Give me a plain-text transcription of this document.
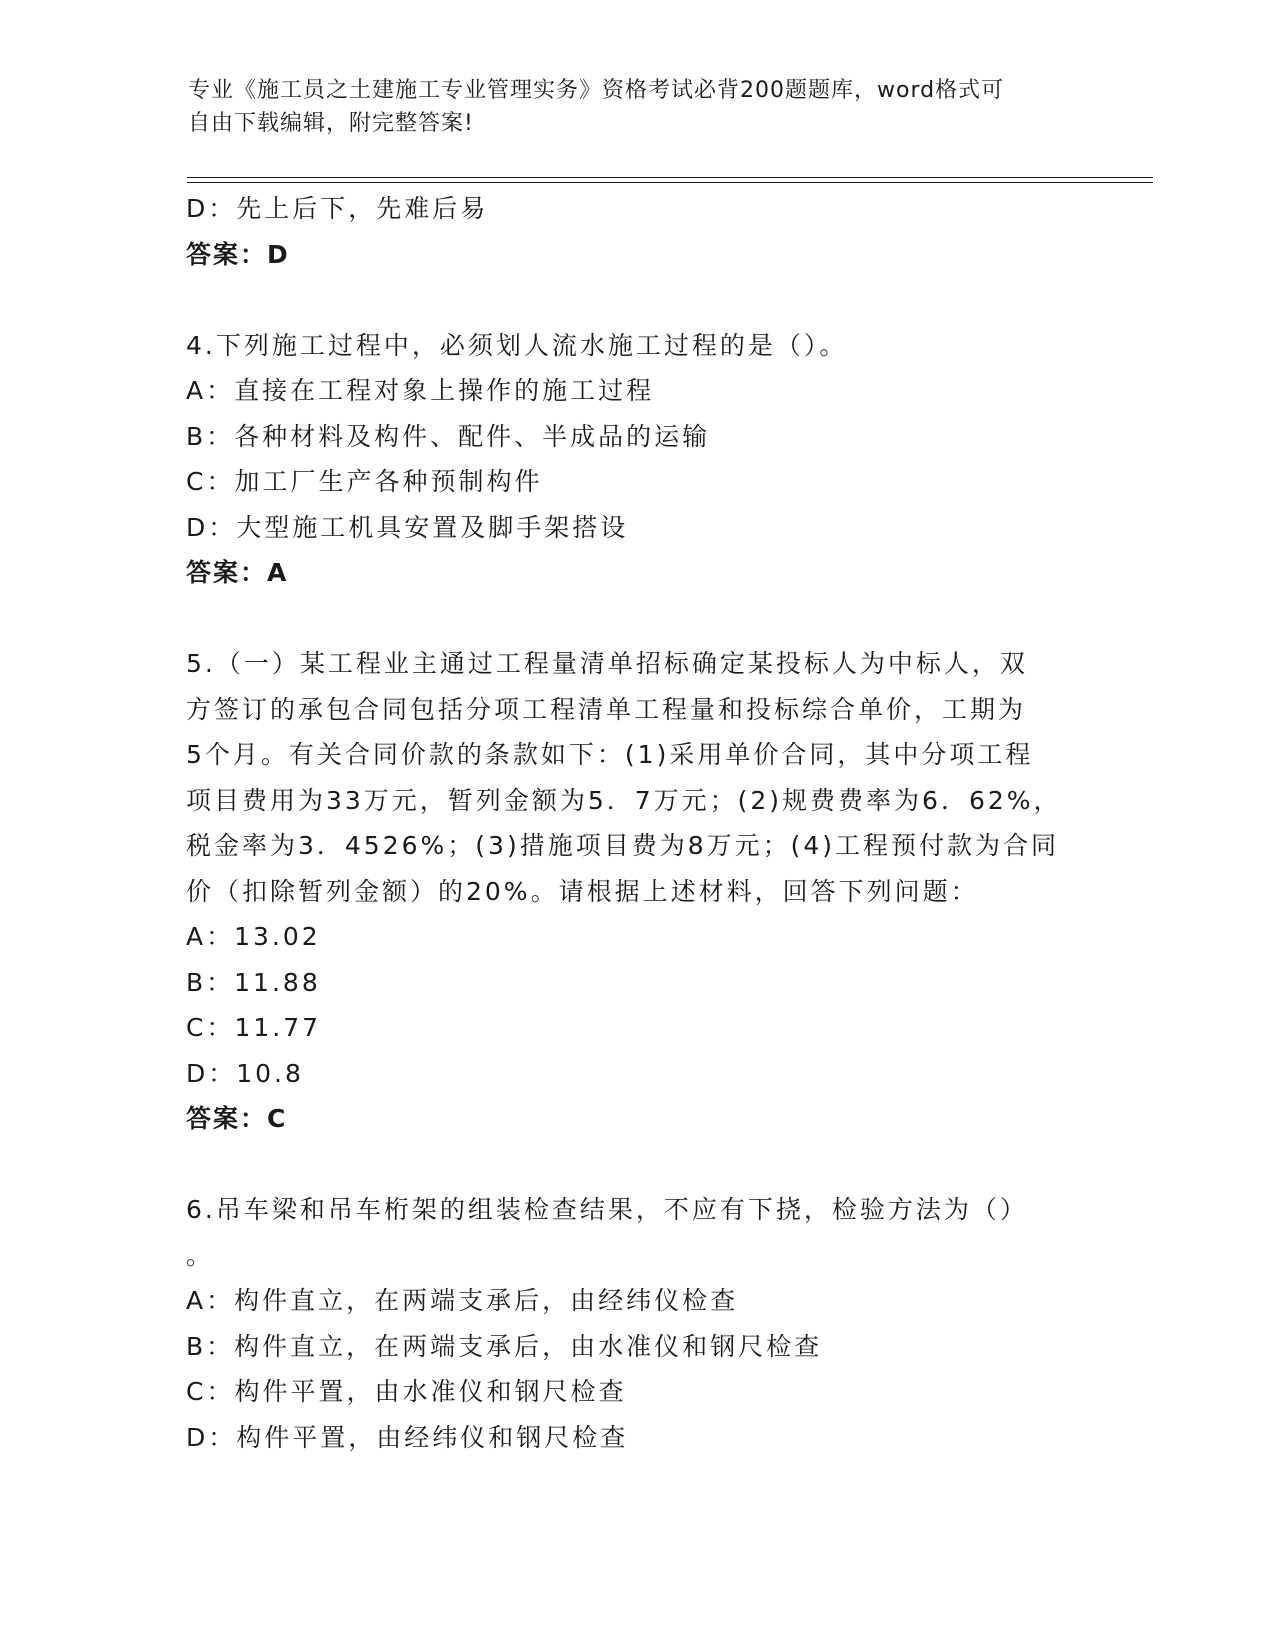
专业《施工员之土建施工专业管理实务》资格考试必背200题题库，word格式可
自由下载编辑，附完整答案!
D：先上后下，先难后易
答案：D
4.下列施工过程中，必须划人流水施工过程的是（）。
A：直接在工程对象上操作的施工过程
B：各种材料及构件、配件、半成品的运输
C：加工厂生产各种预制构件
D：大型施工机具安置及脚手架搭设
答案：A
5.（一）某工程业主通过工程量清单招标确定某投标人为中标人，双
方签订的承包合同包括分项工程清单工程量和投标综合单价，工期为
5个月。有关合同价款的条款如下：(1)采用单价合同，其中分项工程
项目费用为33万元，暂列金额为5．7万元；(2)规费费率为6．62%，
税金率为3．4526%；(3)措施项目费为8万元；(4)工程预付款为合同
价（扣除暂列金额）的20%。请根据上述材料，回答下列问题：
A：13.02
B：11.88
C：11.77
D：10.8
答案：C
6.吊车梁和吊车桁架的组装检查结果，不应有下挠，检验方法为（）
。
A：构件直立，在两端支承后，由经纬仪检查
B：构件直立，在两端支承后，由水准仪和钢尺检查
C：构件平置，由水准仪和钢尺检查
D：构件平置，由经纬仪和钢尺检查
